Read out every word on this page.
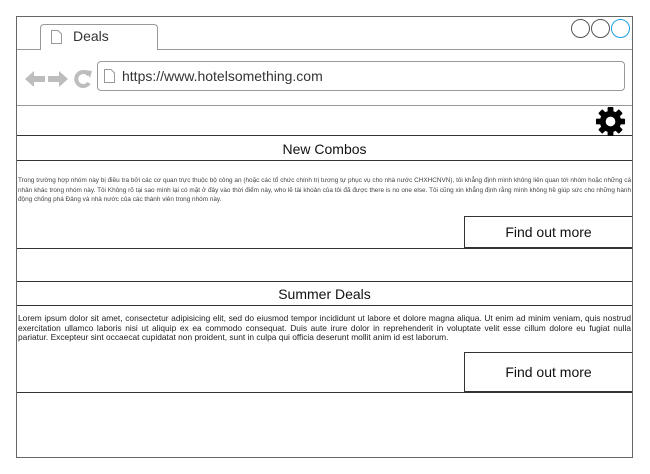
Deals
https://www.hotelsomething.com
New Combos

Trong trường hợp nhóm này bị điều tra bởi các cơ quan trực thuộc bộ công an (hoặc các tổ chức chính trị tương tự phục vụ cho nhà nước CHXHCNVN), tôi khẳng định mình không liên quan tới nhóm hoặc những cá nhân khác trong nhóm này. Tôi Không rõ tại sao mình lại có mặt ở đây vào thời điểm này, who lẽ tài khoản của tôi đã được there is no one else. Tôi cũng xin khẳng định rằng mình không hề giúp sức cho những hành động chống phá Đảng và nhà nước của các thành viên trong nhóm này.

Find out more
Summer Deals

Lorem ipsum dolor sit amet, consectetur adipisicing elit, sed do eiusmod tempor incididunt ut labore et dolore magna aliqua. Ut enim ad minim veniam, quis nostrud exercitation ullamco laboris nisi ut aliquip ex ea commodo consequat. Duis aute irure dolor in reprehenderit in voluptate velit esse cillum dolore eu fugiat nulla pariatur. Excepteur sint occaecat cupidatat non proident, sunt in culpa qui officia deserunt mollit anim id est laborum.

Find out more
